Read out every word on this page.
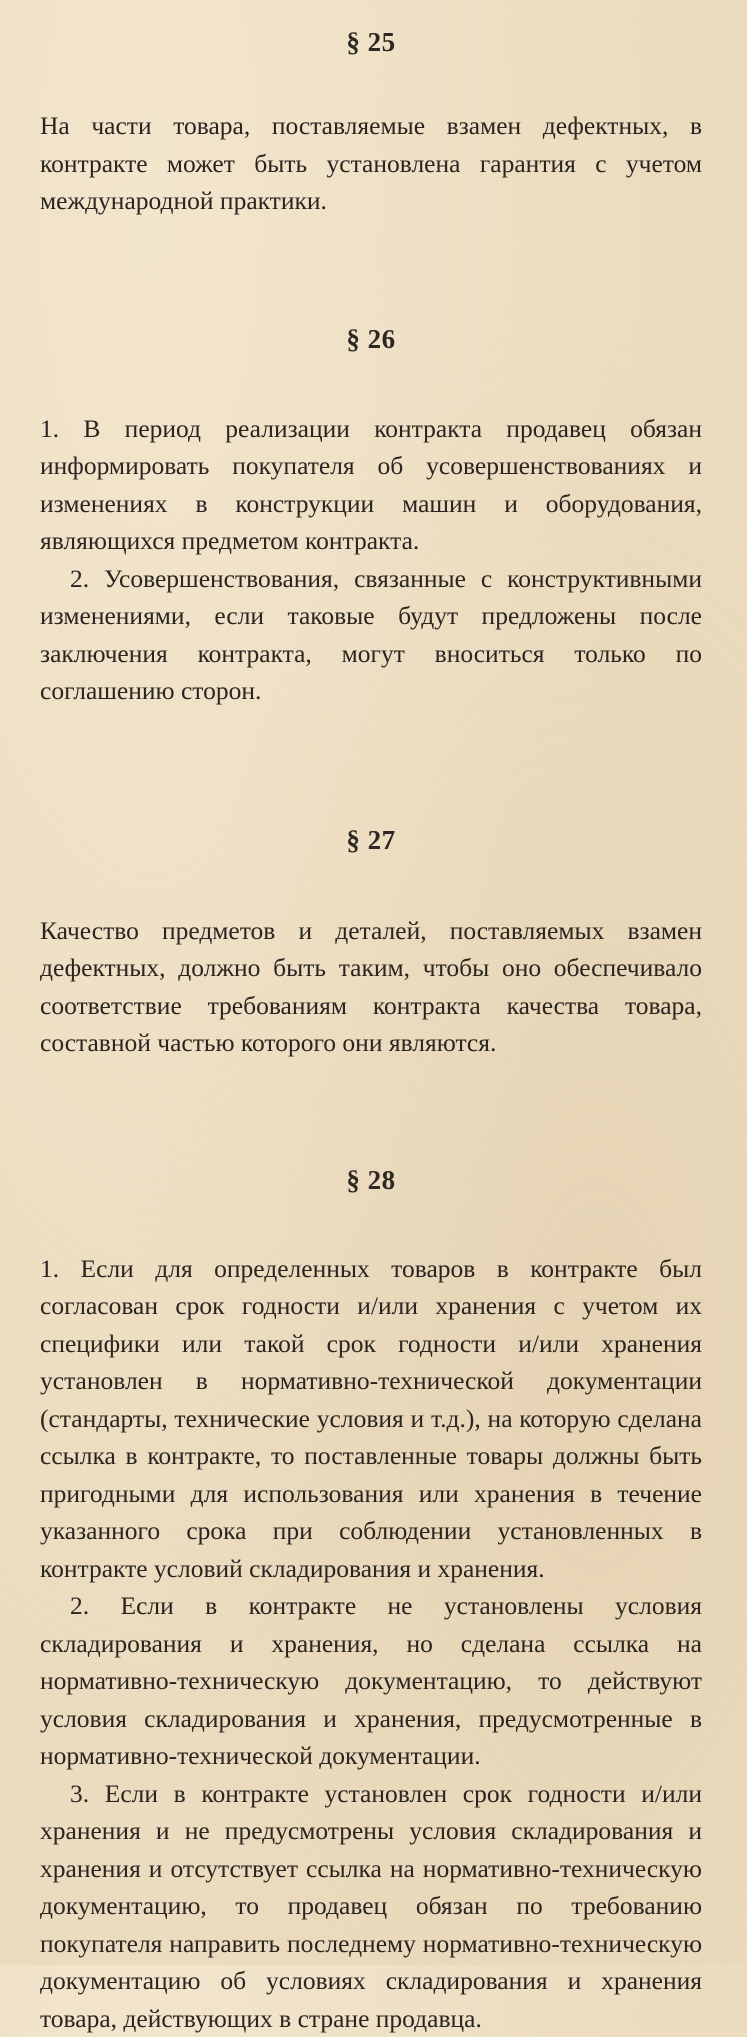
§ 25

На части товара, поставляемые взамен дефектных, в контракте может быть установлена гарантия с учетом международной практики.

§ 26

1. В период реализации контракта продавец обязан информировать покупателя об усовершенствованиях и изменениях в конструкции машин и оборудования, являющихся предметом контракта.

2. Усовершенствования, связанные с конструктивными изменениями, если таковые будут предложены после заключения контракта, могут вноситься только по соглашению сторон.

§ 27

Качество предметов и деталей, поставляемых взамен дефектных, должно быть таким, чтобы оно обеспечивало соответствие требованиям контракта качества товара, составной частью которого они являются.

§ 28

1. Если для определенных товаров в контракте был согласован срок годности и/или хранения с учетом их специфики или такой срок годности и/или хранения установлен в нормативно-технической документации (стандарты, технические условия и т.д.), на которую сделана ссылка в контракте, то поставленные товары должны быть пригодными для использования или хранения в течение указанного срока при соблюдении установленных в контракте условий складирования и хранения.

2. Если в контракте не установлены условия складирования и хранения, но сделана ссылка на нормативно-техническую документацию, то действуют условия складирования и хранения, предусмотренные в нормативно-технической документации.

3. Если в контракте установлен срок годности и/или хранения и не предусмотрены условия складирования и хранения и отсутствует ссылка на нормативно-техническую документацию, то продавец обязан по требованию покупателя направить последнему нормативно-техническую документацию об условиях складирования и хранения товара, действующих в стране продавца.
